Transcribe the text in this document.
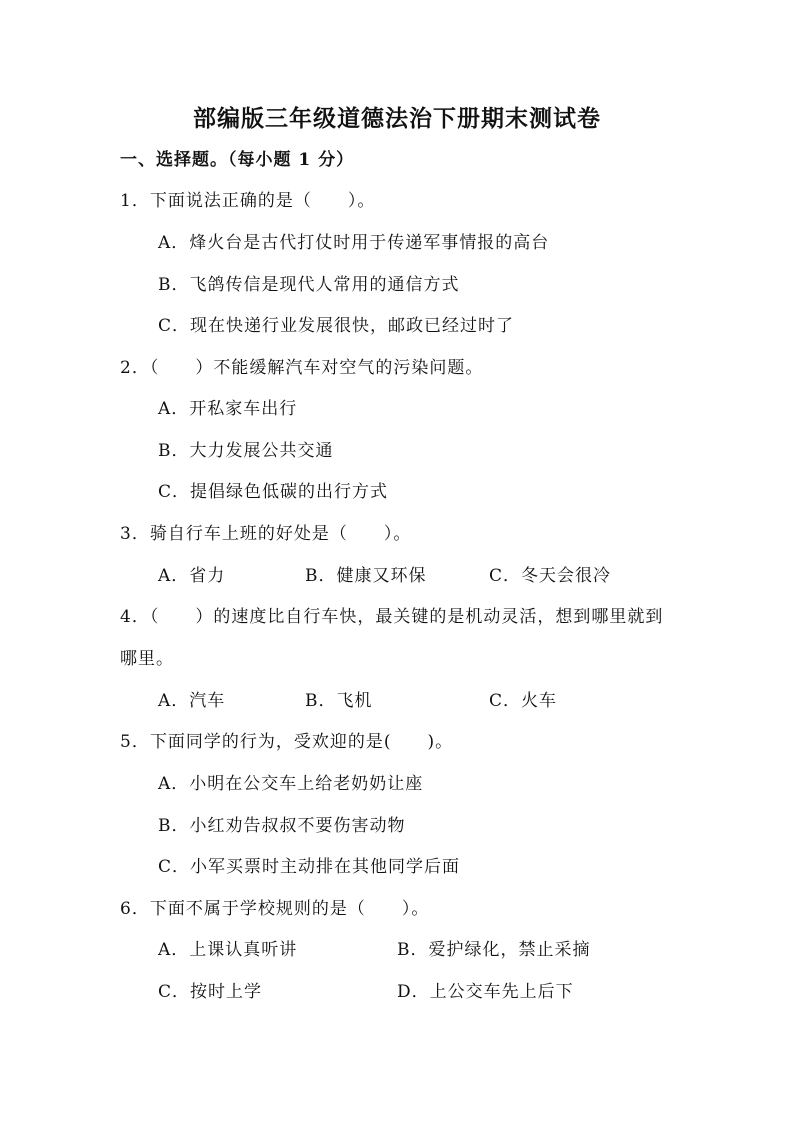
部编版三年级道德法治下册期末测试卷
一、选择题。（每小题 1 分）
1．下面说法正确的是（　　）。
A．烽火台是古代打仗时用于传递军事情报的高台
B．飞鸽传信是现代人常用的通信方式
C．现在快递行业发展很快，邮政已经过时了
2．（　　）不能缓解汽车对空气的污染问题。
A．开私家车出行
B．大力发展公共交通
C．提倡绿色低碳的出行方式
3．骑自行车上班的好处是（　　）。
A．省力	B．健康又环保	C．冬天会很冷
4．（　　）的速度比自行车快，最关键的是机动灵活，想到哪里就到
哪里。
A．汽车	B．飞机	C．火车
5．下面同学的行为，受欢迎的是(　　)。
A．小明在公交车上给老奶奶让座
B．小红劝告叔叔不要伤害动物
C．小军买票时主动排在其他同学后面
6．下面不属于学校规则的是（　　）。
A．上课认真听讲	B．爱护绿化，禁止采摘
C．按时上学	D．上公交车先上后下
